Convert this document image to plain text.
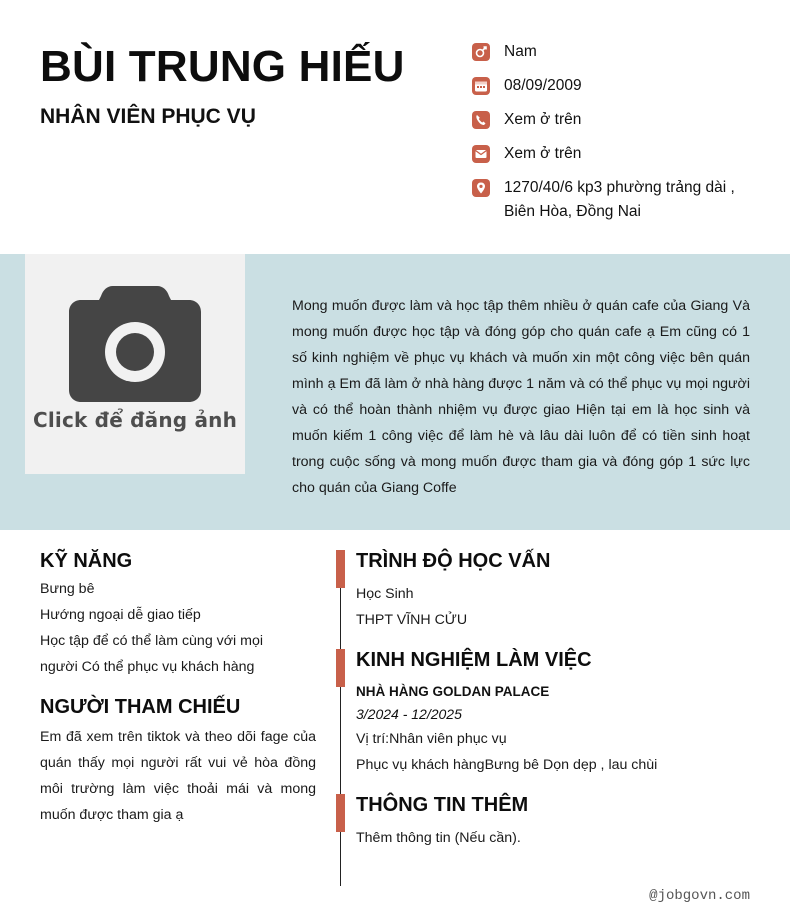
BÙI TRUNG HIẾU
NHÂN VIÊN PHỤC VỤ
Nam
08/09/2009
Xem ở trên
Xem ở trên
1270/40/6 kp3 phường trảng dài , Biên Hòa, Đồng Nai
Click để đăng ảnh
Mong muốn được làm và học tập thêm nhiều ở quán cafe của Giang Và mong muốn được học tập và đóng góp cho quán cafe ạ Em cũng có 1 số kinh nghiệm về phục vụ khách và muốn xin một công việc bên quán mình ạ Em đã làm ở nhà hàng được 1 năm và có thể phục vụ mọi người và có thể hoàn thành nhiệm vụ được giao Hiện tại em là học sinh và muốn kiếm 1 công việc để làm hè và lâu dài luôn để có tiền sinh hoạt trong cuộc sống và mong muốn được tham gia và đóng góp 1 sức lực cho quán của Giang Coffe
KỸ NĂNG
Bưng bê
Hướng ngoại dễ giao tiếp
Học tập để có thể làm cùng với mọi
người Có thể phục vụ khách hàng
NGƯỜI THAM CHIẾU
Em đã xem trên tiktok và theo dõi fage của quán thấy mọi người rất vui vẻ hòa đồng môi trường làm việc thoải mái và mong muốn được tham gia ạ
TRÌNH ĐỘ HỌC VẤN
Học Sinh
THPT VĨNH CỬU
KINH NGHIỆM LÀM VIỆC
NHÀ HÀNG GOLDAN PALACE
3/2024 - 12/2025
Vị trí:Nhân viên phục vụ
Phục vụ khách hàngBưng bê Dọn dẹp , lau chùi
THÔNG TIN THÊM
Thêm thông tin (Nếu cần).
@jobgovn.com
